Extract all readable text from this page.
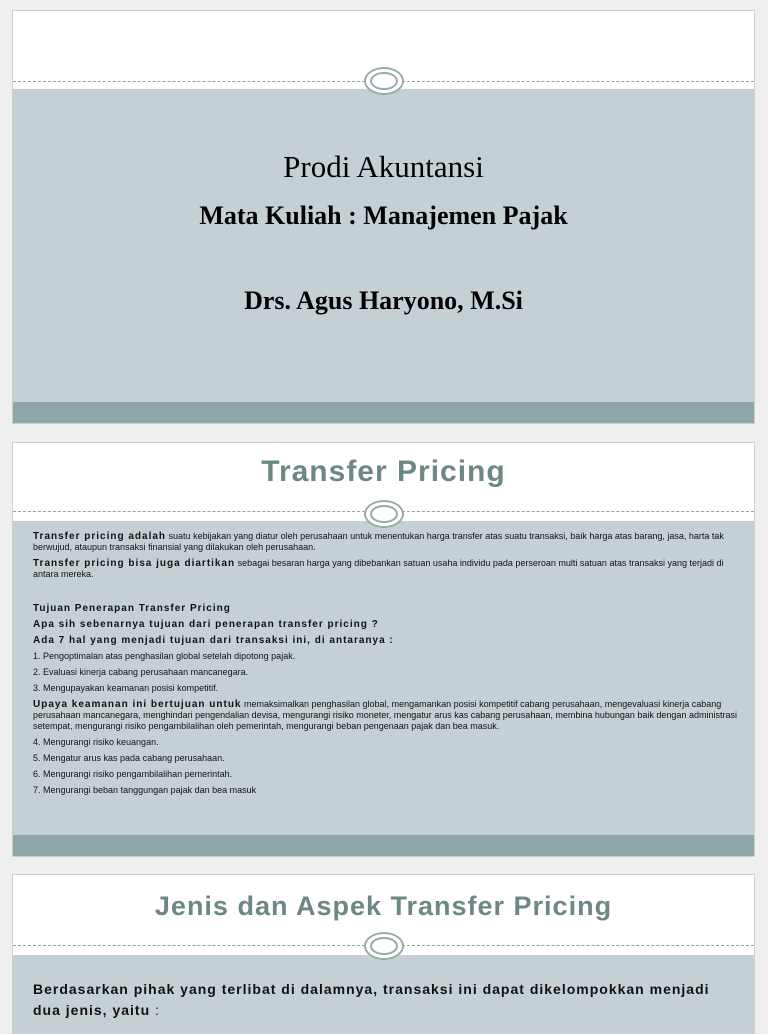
Prodi Akuntansi
Mata Kuliah : Manajemen Pajak
Drs. Agus Haryono, M.Si
Transfer Pricing

Transfer pricing adalah suatu kebijakan yang diatur oleh perusahaan untuk menentukan harga transfer atas suatu transaksi, baik harga atas barang, jasa, harta tak berwujud, ataupun transaksi finansial yang dilakukan oleh perusahaan.

Transfer pricing bisa juga diartikan sebagai besaran harga yang dibebankan satuan usaha individu pada perseroan multi satuan atas transaksi yang terjadi di antara mereka.

Tujuan Penerapan Transfer Pricing

Apa sih sebenarnya tujuan dari penerapan transfer pricing ?

Ada 7 hal yang menjadi tujuan dari transaksi ini, di antaranya :

1. Pengoptimalan atas penghasilan global setelah dipotong pajak.

2. Evaluasi kinerja cabang perusahaan mancanegara.

3. Mengupayakan keamanan posisi kompetitif.

Upaya keamanan ini bertujuan untuk memaksimalkan penghasilan global, mengamankan posisi kompetitif cabang perusahaan, mengevaluasi kinerja cabang perusahaan mancanegara, menghindari pengendalian devisa, mengurangi risiko moneter, mengatur arus kas cabang perusahaan, membina hubungan baik dengan administrasi setempat, mengurangi risiko pengambilalihan oleh pemerintah, mengurangi beban pengenaan pajak dan bea masuk.

4. Mengurangi risiko keuangan.

5. Mengatur arus kas pada cabang perusahaan.

6. Mengurangi risiko pengambilalihan pemerintah.

7. Mengurangi beban tanggungan pajak dan bea masuk

Jenis dan Aspek Transfer Pricing
Berdasarkan pihak yang terlibat di dalamnya, transaksi ini dapat dikelompokkan menjadi dua jenis, yaitu :
